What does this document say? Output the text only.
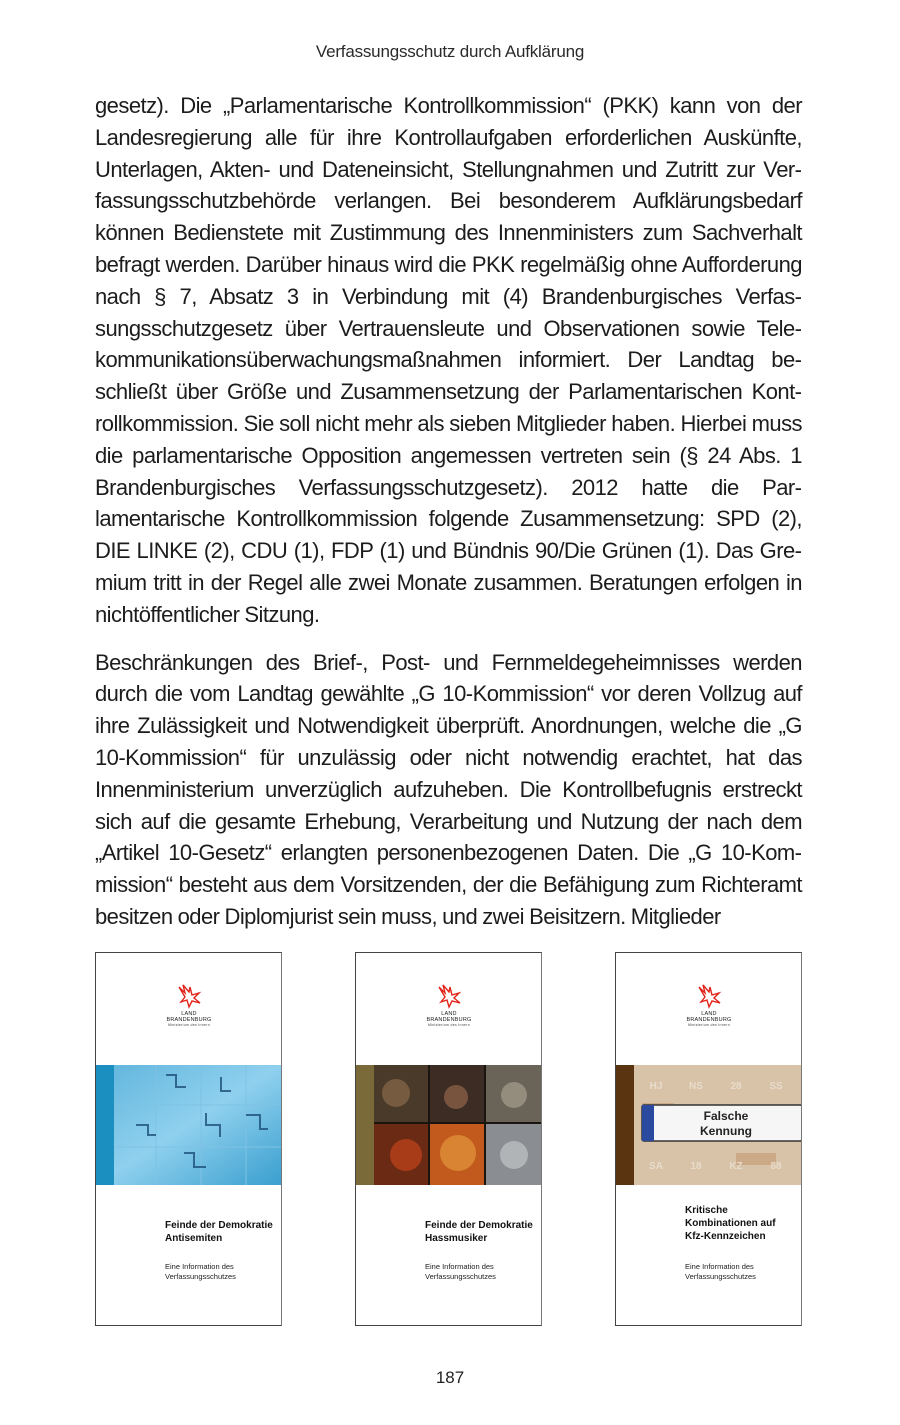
Verfassungsschutz durch Aufklärung

gesetz). Die „Parlamentarische Kontrollkommission“ (PKK) kann von der Landesregierung alle für ihre Kontrollaufgaben erforderlichen Auskünfte, Unterlagen, Akten- und Dateneinsicht, Stellungnahmen und Zutritt zur Verfassungsschutzbehörde verlangen. Bei besonderem Aufklärungsbedarf können Bedienstete mit Zustimmung des Innenministers zum Sachverhalt befragt werden. Darüber hinaus wird die PKK regelmäßig ohne Aufforderung nach § 7, Absatz 3 in Verbindung mit (4) Brandenburgisches Verfassungsschutzgesetz über Vertrauensleute und Observationen sowie Telekommunikationsüberwachungsmaßnahmen informiert. Der Landtag beschließt über Größe und Zusammensetzung der Parlamentarischen Kontrollkommission. Sie soll nicht mehr als sieben Mitglieder haben. Hierbei muss die parlamentarische Opposition angemessen vertreten sein (§ 24 Abs. 1 Brandenburgisches Verfassungsschutzgesetz). 2012 hatte die Parlamentarische Kontrollkommission folgende Zusammensetzung: SPD (2), DIE LINKE (2), CDU (1), FDP (1) und Bündnis 90/Die Grünen (1). Das Gremium tritt in der Regel alle zwei Monate zusammen. Beratungen erfolgen in nichtöffentlicher Sitzung.

Beschränkungen des Brief-, Post- und Fernmeldegeheimnisses werden durch die vom Landtag gewählte „G 10-Kommission“ vor deren Vollzug auf ihre Zulässigkeit und Notwendigkeit überprüft. Anordnungen, welche die „G 10-Kommission“ für unzulässig oder nicht notwendig erachtet, hat das Innenministerium unverzüglich aufzuheben. Die Kontrollbefugnis erstreckt sich auf die gesamte Erhebung, Verarbeitung und Nutzung der nach dem „Artikel 10-Gesetz“ erlangten personenbezogenen Daten. Die „G 10-Kommission“ besteht aus dem Vorsitzenden, der die Befähigung zum Richteramt besitzen oder Diplomjurist sein muss, und zwei Beisitzern. Mitglieder

LAND
BRANDENBURG
Ministerium des Innern
Feinde der Demokratie
Antisemiten
Eine Information des
Verfassungsschutzes
LAND
BRANDENBURG
Ministerium des Innern
Feinde der Demokratie
Hassmusiker
Eine Information des
Verfassungsschutzes
LAND
BRANDENBURG
Ministerium des Innern
HJ	NS	28	SS
SA	18	KZ	88
Falsche
Kennung
Kritische
Kombinationen auf
Kfz-Kennzeichen
Eine Information des
Verfassungsschutzes
187
